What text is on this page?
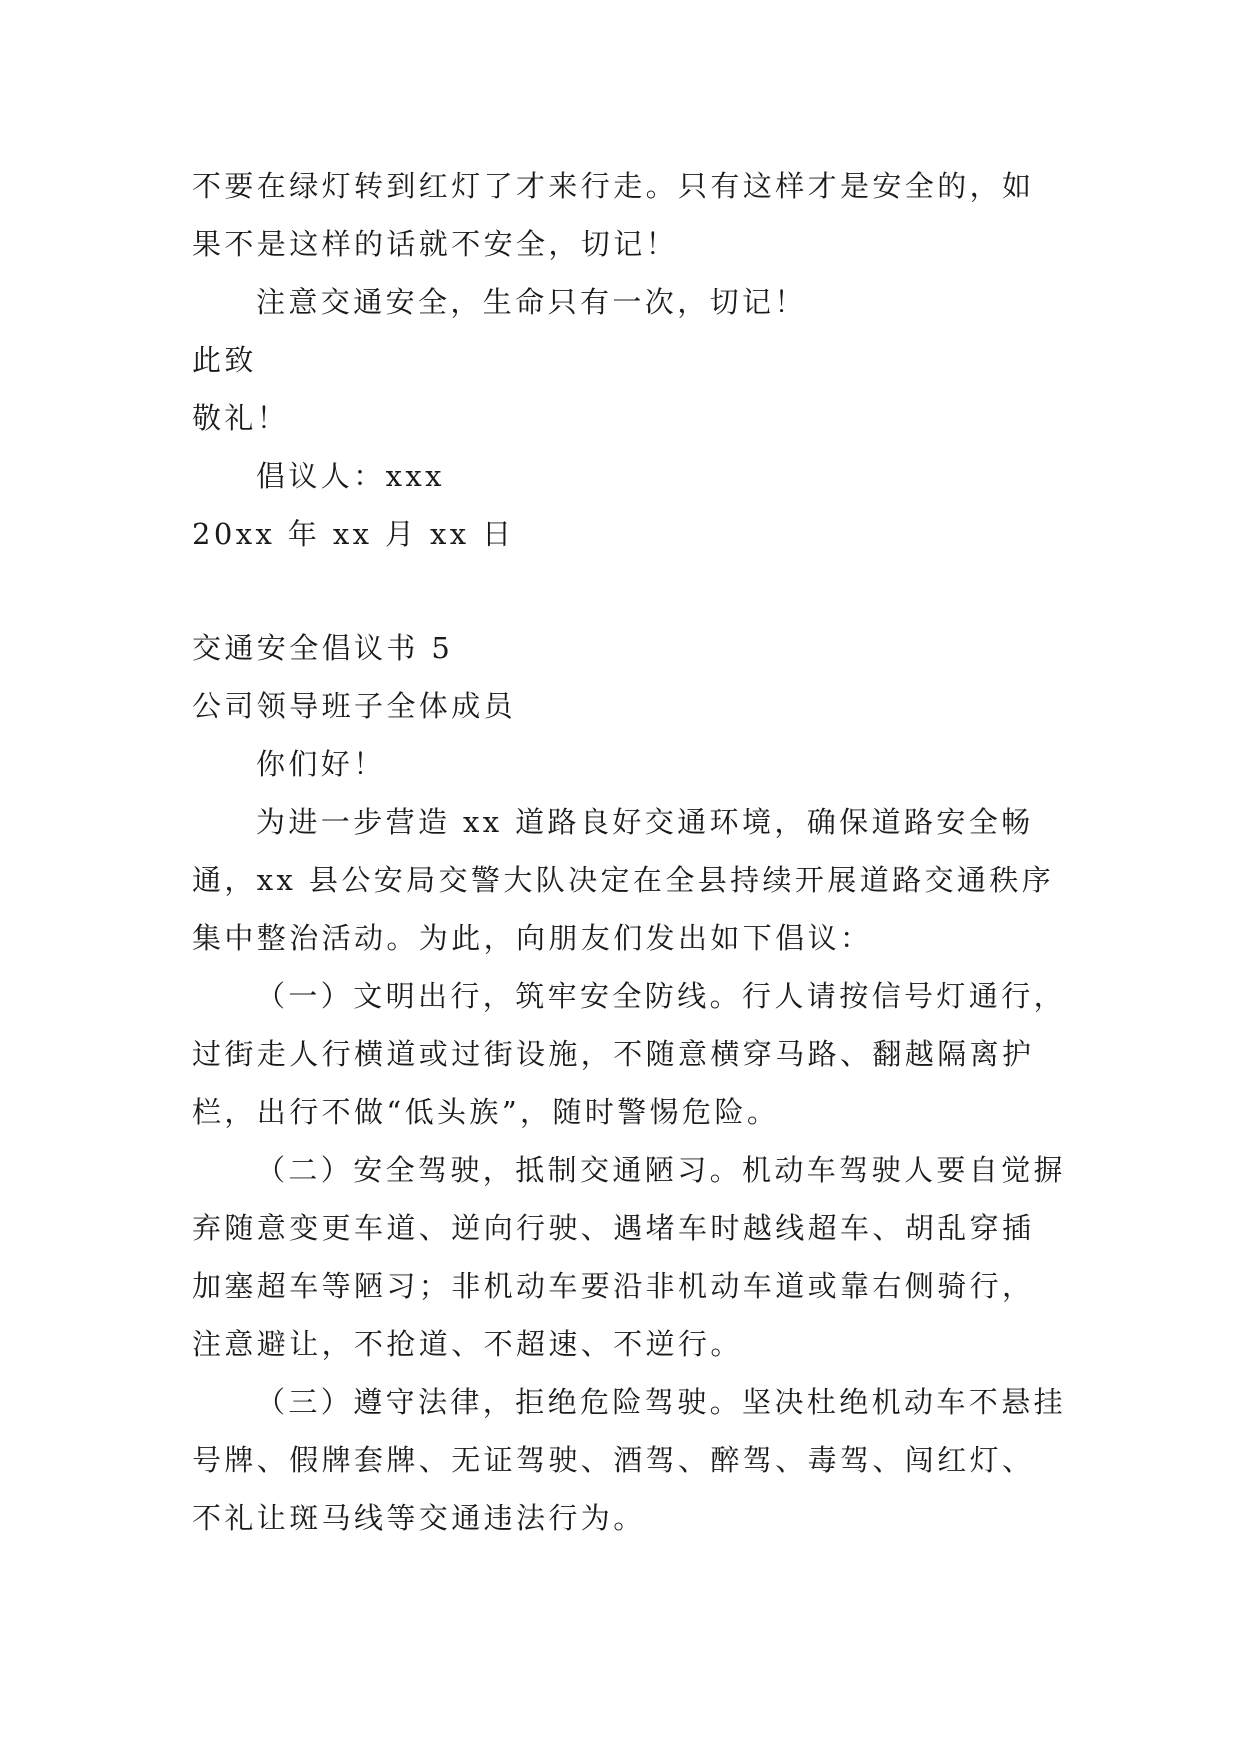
不要在绿灯转到红灯了才来行走。只有这样才是安全的，如
果不是这样的话就不安全，切记！
注意交通安全，生命只有一次，切记！
此致
敬礼！
倡议人：xxx
20xx 年 xx 月 xx 日
交通安全倡议书 5
公司领导班子全体成员
你们好！
为进一步营造 xx 道路良好交通环境，确保道路安全畅
通，xx 县公安局交警大队决定在全县持续开展道路交通秩序
集中整治活动。为此，向朋友们发出如下倡议：
（一）文明出行，筑牢安全防线。行人请按信号灯通行，
过街走人行横道或过街设施，不随意横穿马路、翻越隔离护
栏，出行不做“低头族”，随时警惕危险。
（二）安全驾驶，抵制交通陋习。机动车驾驶人要自觉摒
弃随意变更车道、逆向行驶、遇堵车时越线超车、胡乱穿插
加塞超车等陋习；非机动车要沿非机动车道或靠右侧骑行，
注意避让，不抢道、不超速、不逆行。
（三）遵守法律，拒绝危险驾驶。坚决杜绝机动车不悬挂
号牌、假牌套牌、无证驾驶、酒驾、醉驾、毒驾、闯红灯、
不礼让斑马线等交通违法行为。
